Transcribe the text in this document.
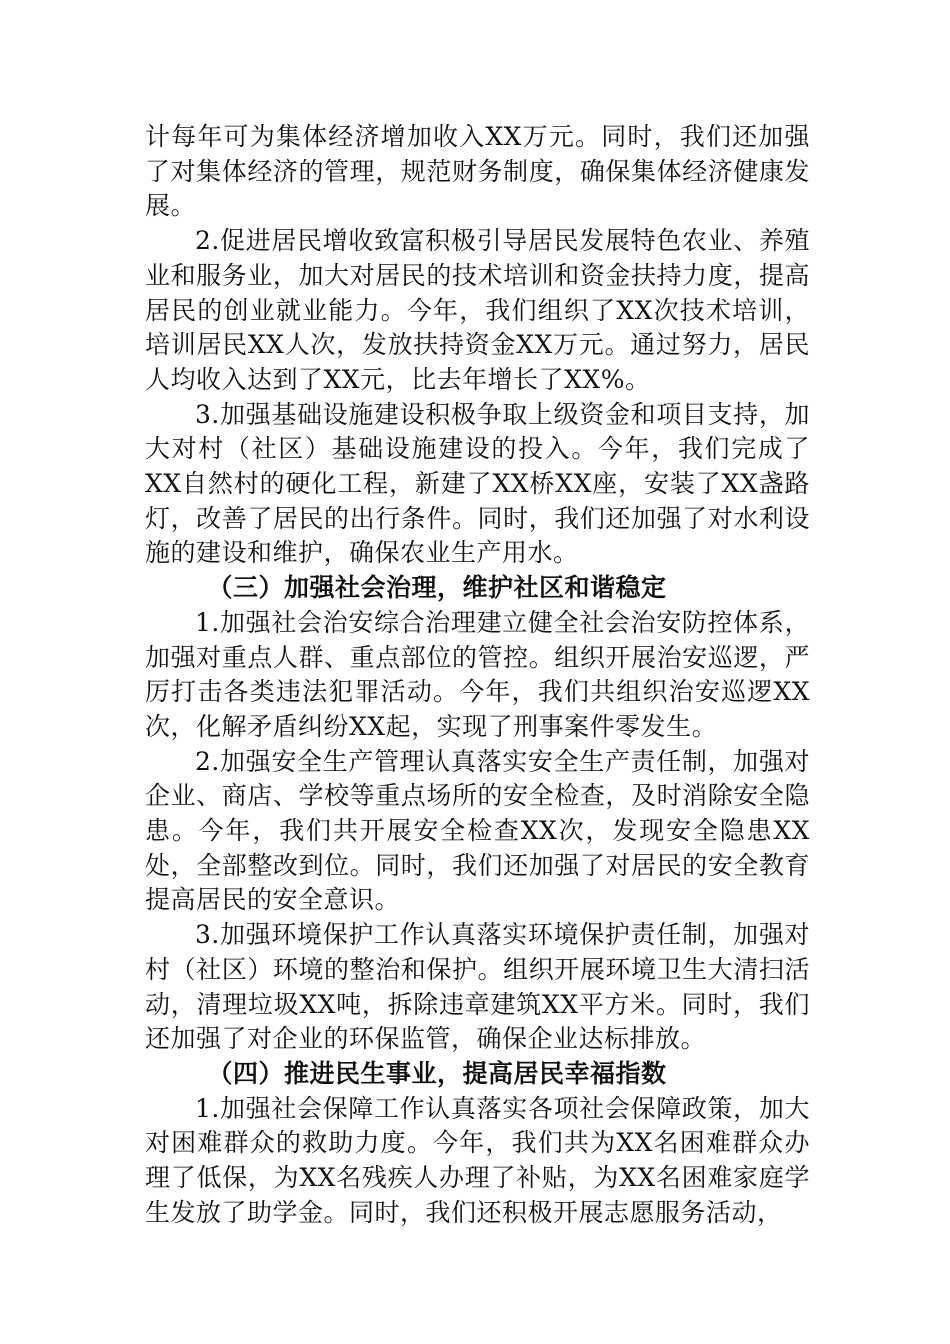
计每年可为集体经济增加收入XX万元。同时，我们还加强了对集体经济的管理，规范财务制度，确保集体经济健康发展。

2.促进居民增收致富积极引导居民发展特色农业、养殖业和服务业，加大对居民的技术培训和资金扶持力度，提高居民的创业就业能力。今年，我们组织了XX次技术培训，培训居民XX人次，发放扶持资金XX万元。通过努力，居民人均收入达到了XX元，比去年增长了XX%。

3.加强基础设施建设积极争取上级资金和项目支持，加大对村（社区）基础设施建设的投入。今年，我们完成了XX自然村的硬化工程，新建了XX桥XX座，安装了XX盏路灯，改善了居民的出行条件。同时，我们还加强了对水利设施的建设和维护，确保农业生产用水。

（三）加强社会治理，维护社区和谐稳定

1.加强社会治安综合治理建立健全社会治安防控体系，加强对重点人群、重点部位的管控。组织开展治安巡逻，严厉打击各类违法犯罪活动。今年，我们共组织治安巡逻XX次，化解矛盾纠纷XX起，实现了刑事案件零发生。

2.加强安全生产管理认真落实安全生产责任制，加强对企业、商店、学校等重点场所的安全检查，及时消除安全隐患。今年，我们共开展安全检查XX次，发现安全隐患XX处，全部整改到位。同时，我们还加强了对居民的安全教育提高居民的安全意识。

3.加强环境保护工作认真落实环境保护责任制，加强对村（社区）环境的整治和保护。组织开展环境卫生大清扫活动，清理垃圾XX吨，拆除违章建筑XX平方米。同时，我们还加强了对企业的环保监管，确保企业达标排放。

（四）推进民生事业，提高居民幸福指数

1.加强社会保障工作认真落实各项社会保障政策，加大对困难群众的救助力度。今年，我们共为XX名困难群众办理了低保，为XX名残疾人办理了补贴，为XX名困难家庭学生发放了助学金。同时，我们还积极开展志愿服务活动，
